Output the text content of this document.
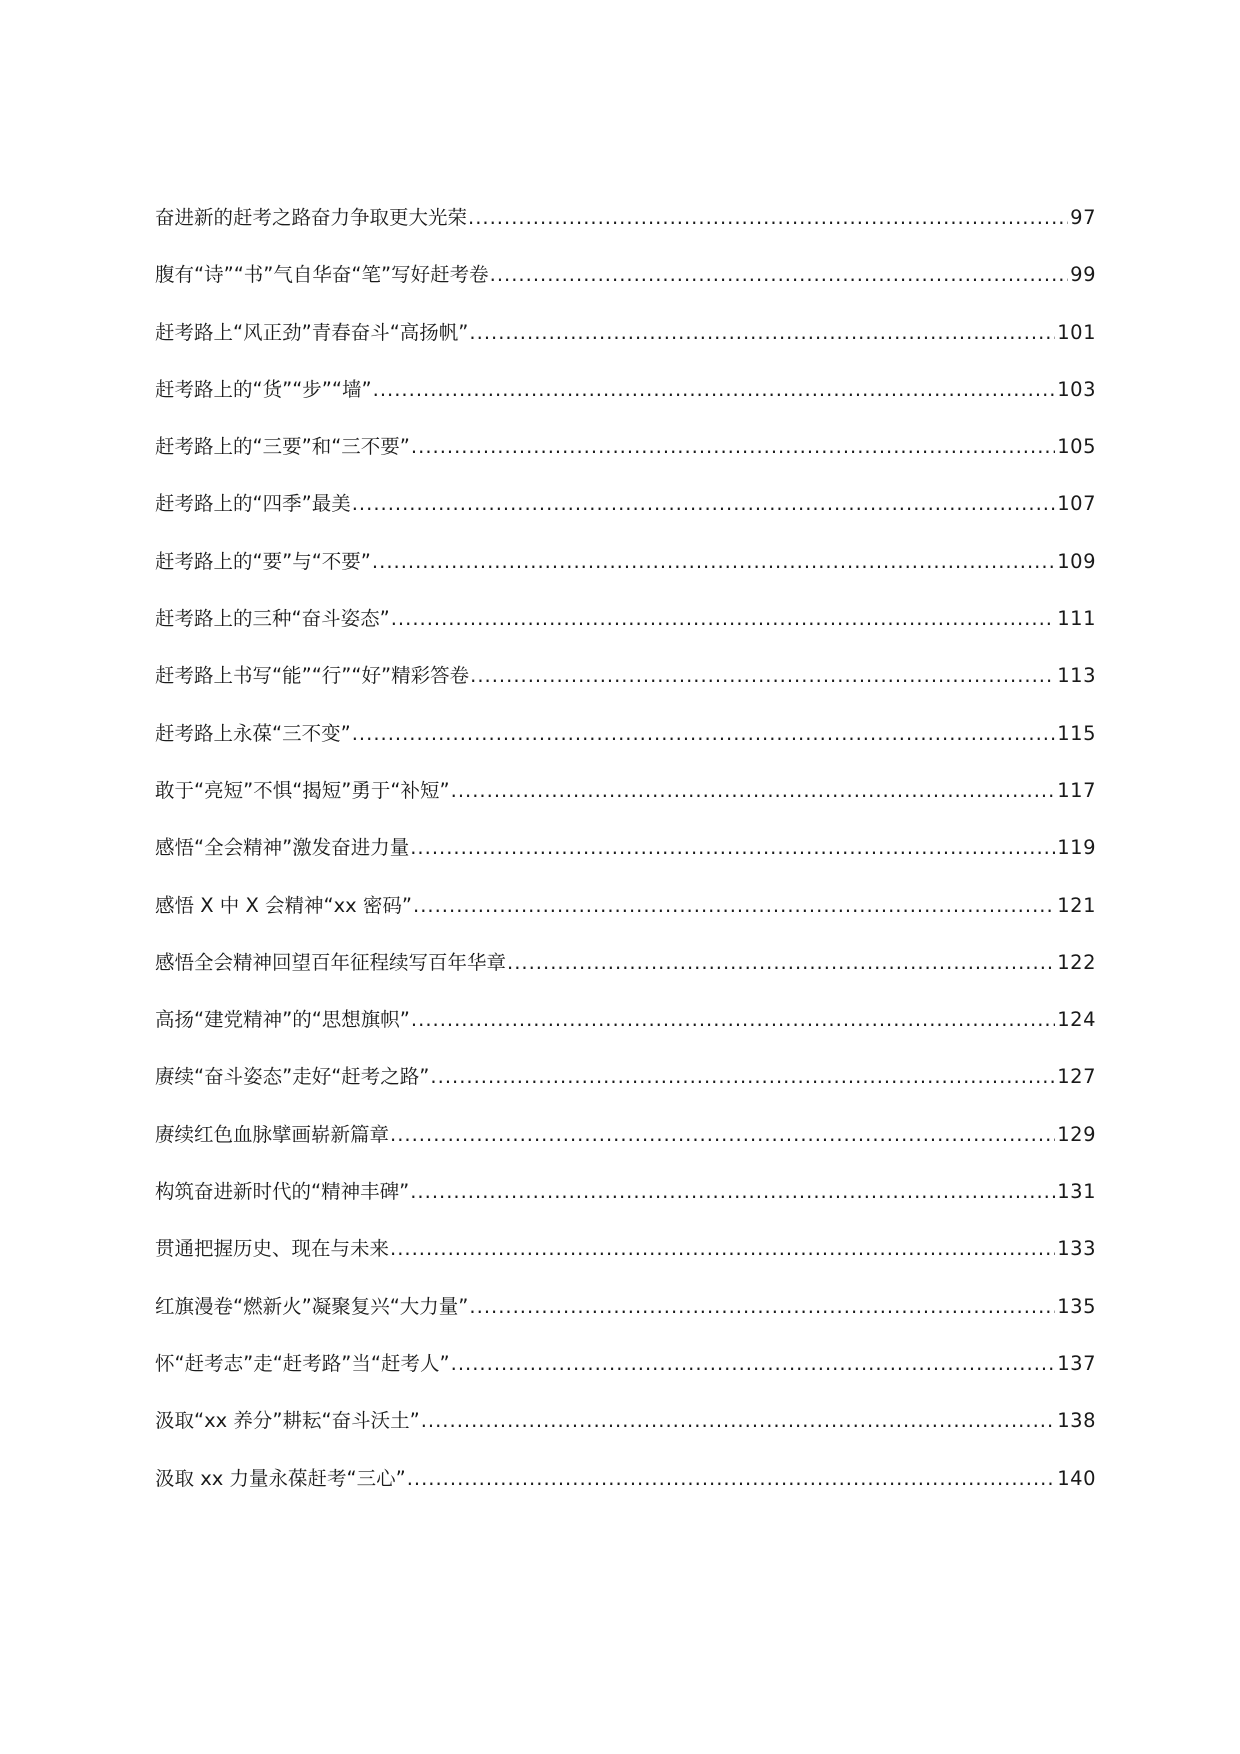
奋进新的赶考之路奋力争取更大光荣 .....	97
腹有“诗”“书”气自华奋“笔”写好赶考卷 .....	99
赶考路上“风正劲”青春奋斗“高扬帆” .....	101
赶考路上的“货”“步”“墙” .....	103
赶考路上的“三要”和“三不要” .....	105
赶考路上的“四季”最美 .....	107
赶考路上的“要”与“不要” .....	109
赶考路上的三种“奋斗姿态” .....	111
赶考路上书写“能”“行”“好”精彩答卷 .....	113
赶考路上永葆“三不变” .....	115
敢于“亮短”不惧“揭短”勇于“补短” .....	117
感悟“全会精神”激发奋进力量 .....	119
感悟 X 中 X 会精神“xx 密码” .....	121
感悟全会精神回望百年征程续写百年华章 .....	122
高扬“建党精神”的“思想旗帜” .....	124
赓续“奋斗姿态”走好“赶考之路” .....	127
赓续红色血脉擘画崭新篇章 .....	129
构筑奋进新时代的“精神丰碑” .....	131
贯通把握历史、现在与未来 .....	133
红旗漫卷“燃新火”凝聚复兴“大力量” .....	135
怀“赶考志”走“赶考路”当“赶考人” .....	137
汲取“xx 养分”耕耘“奋斗沃土” .....	138
汲取 xx 力量永葆赶考“三心” .....	140
